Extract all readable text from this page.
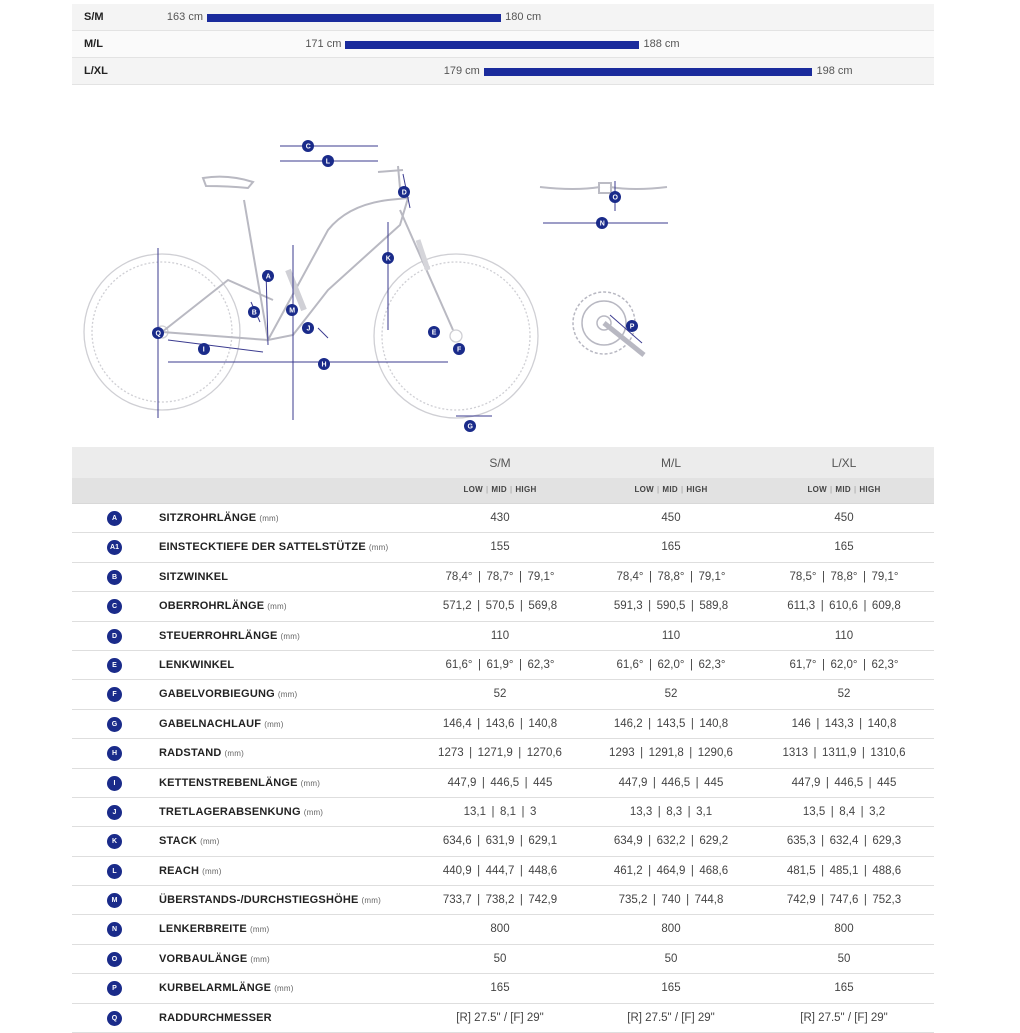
S/M	163 cm	180 cm
M/L	171 cm	188 cm
L/XL	179 cm	198 cm
C
L
D
K
A
B	M
J
Q
I
H
E
F
G
O
N
P
S/M	M/L	L/XL
LOW | MID | HIGH	LOW | MID | HIGH	LOW | MID | HIGH
A	SITZROHRLÄNGE (mm)	430	450	450
A1	EINSTECKTIEFE DER SATTELSTÜTZE (mm)	155	165	165
B	SITZWINKEL	78,4°  |  78,7°  |  79,1°	78,4°  |  78,8°  |  79,1°	78,5°  |  78,8°  |  79,1°
C	OBERROHRLÄNGE (mm)	571,2  |  570,5  |  569,8	591,3  |  590,5  |  589,8	611,3  |  610,6  |  609,8
D	STEUERROHRLÄNGE (mm)	110	110	110
E	LENKWINKEL	61,6°  |  61,9°  |  62,3°	61,6°  |  62,0°  |  62,3°	61,7°  |  62,0°  |  62,3°
F	GABELVORBIEGUNG (mm)	52	52	52
G	GABELNACHLAUF (mm)	146,4  |  143,6  |  140,8	146,2  |  143,5  |  140,8	146  |  143,3  |  140,8
H	RADSTAND (mm)	1273  |  1271,9  |  1270,6	1293  |  1291,8  |  1290,6	1313  |  1311,9  |  1310,6
I	KETTENSTREBENLÄNGE (mm)	447,9  |  446,5  |  445	447,9  |  446,5  |  445	447,9  |  446,5  |  445
J	TRETLAGERABSENKUNG (mm)	13,1  |  8,1  |  3	13,3  |  8,3  |  3,1	13,5  |  8,4  |  3,2
K	STACK (mm)	634,6  |  631,9  |  629,1	634,9  |  632,2  |  629,2	635,3  |  632,4  |  629,3
L	REACH (mm)	440,9  |  444,7  |  448,6	461,2  |  464,9  |  468,6	481,5  |  485,1  |  488,6
M	ÜBERSTANDS-/DURCHSTIEGSHÖHE (mm)	733,7  |  738,2  |  742,9	735,2  |  740  |  744,8	742,9  |  747,6  |  752,3
N	LENKERBREITE (mm)	800	800	800
O	VORBAULÄNGE (mm)	50	50	50
P	KURBELARMLÄNGE (mm)	165	165	165
Q	RADDURCHMESSER	[R] 27.5" / [F] 29"	[R] 27.5" / [F] 29"	[R] 27.5" / [F] 29"
